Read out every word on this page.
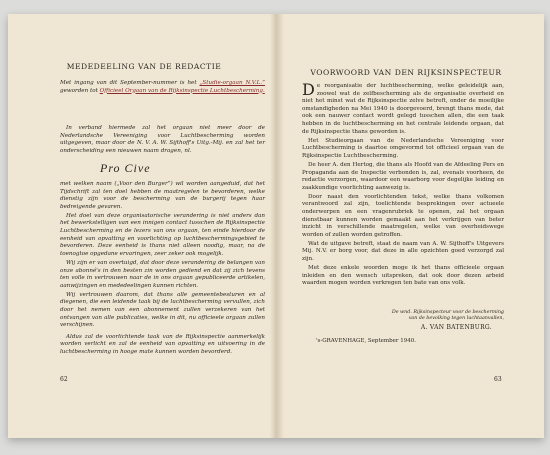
MEDEDEELING VAN DE REDACTIE

Met ingang van dit September-nummer is het „Studie-orgaan N.V.L.” geworden tot Officieel Orgaan van de Rijksinspectie Luchtbescherming.

In verband hiermede zal het orgaan niet meer door de Nederlandsche Vereeniging voor Luchtbescherming worden uitgegeven, maar door de N. V. A. W. Sijthoff's Uitg.-Mij. en zal het ter onderscheiding een nieuwen naam dragen, nl.

Pro Cive

met welken naam („Voor den Burger”) wil worden aangeduid, dat het Tijdschrift zal ten doel hebben de maatregelen te bevorderen, welke dienstig zijn voor de bescherming van de burgerij tegen haar bedreigende gevaren.

Het doel van deze organisatorische verandering is niet anders dan het bewerkstelligen van een innigen contact tusschen de Rijksinspectie Luchtbescherming en de lezers van ons orgaan, ten einde hierdoor de eenheid van opvatting en voorlichting op luchtbeschermingsgebied te bevorderen. Deze eenheid is thans niet alleen noodig, maar, na de toenogtoe opgedane ervaringen, zeer zeker ook mogelijk.

Wij zijn er van overtuigd, dat door deze verandering de belangen van onze abonné's in den besten zin worden gediend en dat zij zich tevens ten volle in vertrouwen naar de in ons orgaan gepubliceerde artikelen, aanwijzingen en mededeelingen kunnen richten.

Wij vertrouwen daarom, dat thans alle gemeentebesturen en al diegenen, die een leidende taak bij de luchtbescherming vervullen, zich door het nemen van een abonnement zullen verzekeren van het ontvangen van alle publicaties, welke in dit, nu officieele orgaan zullen verschijnen.

Aldus zal de voorlichtende taak van de Rijksinspectie aanmerkelijk worden verlicht en zal de eenheid van opvatting en uitvoering in de luchtbescherming in hooge mate kunnen worden bevorderd.

62
VOORWOORD VAN DEN RIJKSINSPECTEUR

De reorganisatie der luchtbescherming, welke geleidelijk aan, zoowel wat de zelfbescherming als de organisatie overheid en niet het minst wat de Rijksinspectie zelve betreft, onder de moeilijke omstandigheden na Mei 1940 is doorgevoerd, brengt thans mede, dat ook een nauwer contact wordt gelegd tusschen allen, die een taak hebben in de luchtbescherming en het centrale leidende orgaan, dat de Rijksinspectie thans geworden is.

Het Studieorgaan van de Nederlandsche Vereeniging voor Luchtbescherming is daartoe omgevormd tot officieel orgaan van de Rijksinspectie Luchtbescherming.

De heer A. den Hertog, die thans als Hoofd van de Afdeeling Pers en Propaganda aan de Inspectie verbonden is, zal, evenals voorheen, de redactie verzorgen, waardoor een waarborg voor degelijke leiding en zaakkundige voorlichting aanwezig is.

Door naast den voorlichtenden tekst, welke thans volkomen verantwoord zal zijn, toelichtende besprekingen over actueele onderwerpen en een vragenrubriek te openen, zal het orgaan dienstbaar kunnen worden gemaakt aan het verkrijgen van beter inzicht in verschillende maatregelen, welke van overheidswege worden of zullen worden getroffen.

Wat de uitgave betreft, staat de naam van A. W. Sijthoff's Uitgevers Mij. N.V. er borg voor, dat deze in alle opzichten goed verzorgd zal zijn.

Met deze enkele woorden moge ik het thans officieele orgaan inleiden en den wensch uitspreken, dat ook door dezen arbeid waarden mogen worden verkregen ten bate van ons volk.

De wnd. Rijksinspecteur voor de bescherming
van de bevolking tegen luchtaanvallen,
A. VAN BATENBURG.
's-GRAVENHAGE, September 1940.
63
